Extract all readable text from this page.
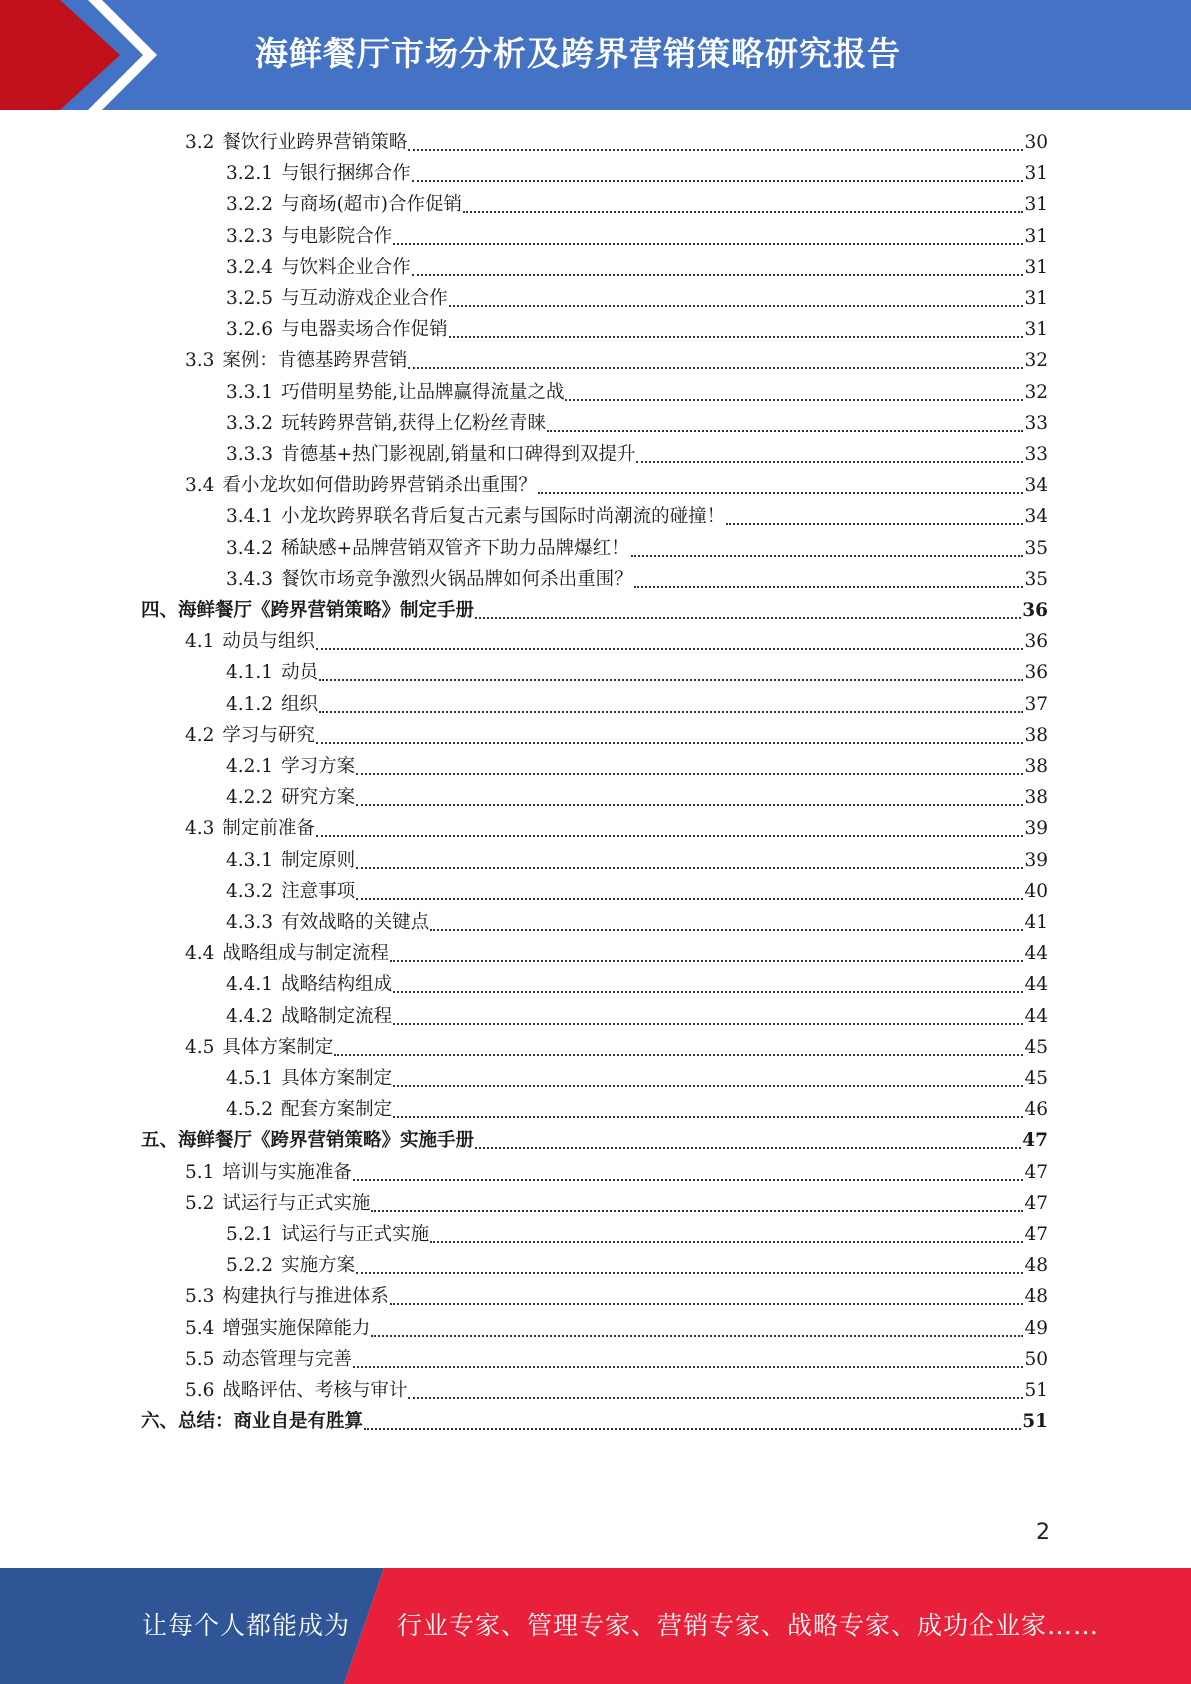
海鲜餐厅市场分析及跨界营销策略研究报告
3.2 餐饮行业跨界营销策略	30
3.2.1 与银行捆绑合作	31
3.2.2 与商场(超市)合作促销	31
3.2.3 与电影院合作	31
3.2.4 与饮料企业合作	31
3.2.5 与互动游戏企业合作	31
3.2.6 与电器卖场合作促销	31
3.3 案例：肯德基跨界营销	32
3.3.1 巧借明星势能,让品牌赢得流量之战	32
3.3.2 玩转跨界营销,获得上亿粉丝青睐	33
3.3.3 肯德基+热门影视剧,销量和口碑得到双提升	33
3.4 看小龙坎如何借助跨界营销杀出重围？	34
3.4.1 小龙坎跨界联名背后复古元素与国际时尚潮流的碰撞！	34
3.4.2 稀缺感+品牌营销双管齐下助力品牌爆红！	35
3.4.3 餐饮市场竞争激烈火锅品牌如何杀出重围？	35
四、 海鲜餐厅《跨界营销策略》制定手册	36
4.1 动员与组织	36
4.1.1 动员	36
4.1.2 组织	37
4.2 学习与研究	38
4.2.1 学习方案	38
4.2.2 研究方案	38
4.3 制定前准备	39
4.3.1 制定原则	39
4.3.2 注意事项	40
4.3.3 有效战略的关键点	41
4.4 战略组成与制定流程	44
4.4.1 战略结构组成	44
4.4.2 战略制定流程	44
4.5 具体方案制定	45
4.5.1 具体方案制定	45
4.5.2 配套方案制定	46
五、 海鲜餐厅《跨界营销策略》实施手册	47
5.1 培训与实施准备	47
5.2 试运行与正式实施	47
5.2.1 试运行与正式实施	47
5.2.2 实施方案	48
5.3 构建执行与推进体系	48
5.4 增强实施保障能力	49
5.5 动态管理与完善	50
5.6 战略评估、考核与审计	51
六、 总结：商业自是有胜算	51
2
让每个人都能成为 行业专家、管理专家、营销专家、战略专家、成功企业家……
